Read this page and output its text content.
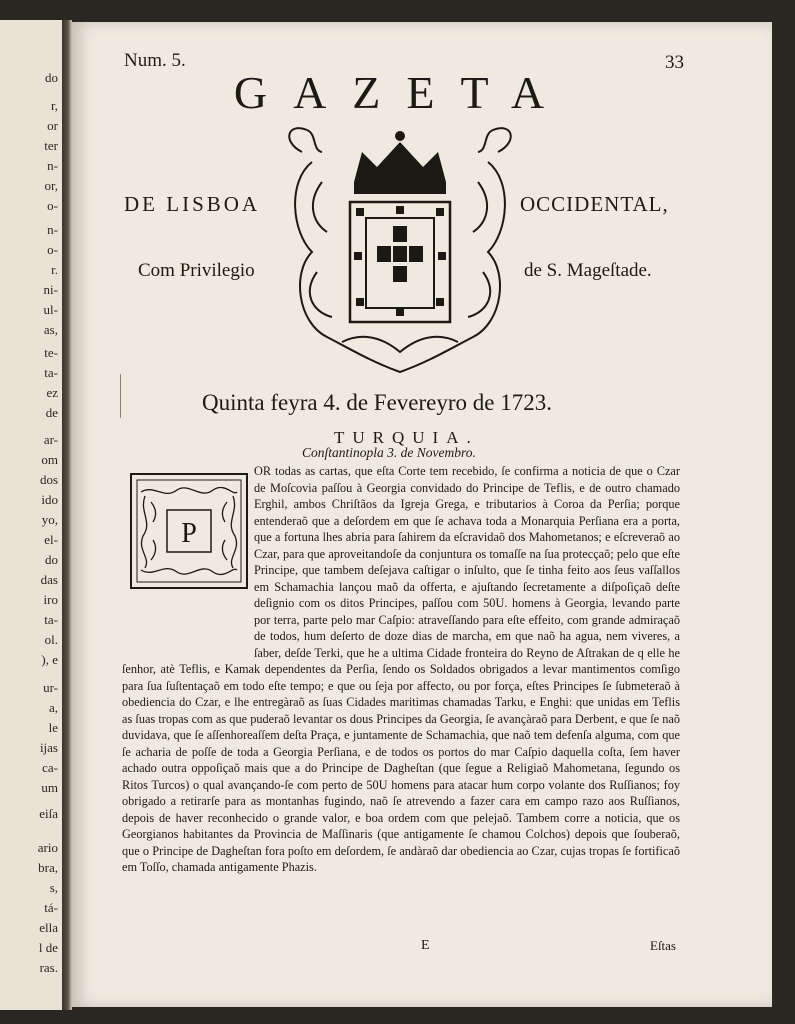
do
r,
or
ter
n-
or,
o-
n-
o-
r.
ni-
ul-
as,
te-
ta-
ez
de
ar-
om
dos
ido
yo,
el-
do
das
iro
ta-
ol.
), e
ur-
a,
le
ijas
ca-
um
eiſa
ario
bra,
s,
tá-
ella
l de
ras.
Num. 5.	33
GAZETA
DE LISBOA	OCCIDENTAL,
Com Privilegio	de S. Mageſtade.
Quinta feyra 4. de Fevereyro de 1723.
TURQUIA.
Conſtantinopla 3. de Novembro.
OR todas as cartas, que eſta Corte tem recebido, ſe confirma a noticia de que o Czar de Moſcovia paſſou à Georgia convidado do Principe de Teflis, e de outro chamado Erghil, ambos Chriſtãos da Igreja Grega, e tributarios à Coroa da Perſia; porque entenderaõ que a deſordem em que ſe achava toda a Monarquia Perſiana era a porta, que a fortuna lhes abria para ſahirem da eſcravidaõ dos Mahometanos; e eſcreveraõ ao Czar, para que aproveitandoſe da conjuntura os tomaſſe na ſua protecçaõ; pelo que eſte Principe, que tambem deſejava caſtigar o inſulto, que ſe tinha feito aos ſeus vaſſallos em Schamachia lançou maõ da offerta, e ajuſtando ſecretamente a diſpoſiçaõ deſte deſignio com os ditos Principes, paſſou com 50U. homens à Georgia, levando parte por terra, parte pelo mar Caſpio: atraveſſando para eſte effeito, com grande admiraçaõ de todos, hum deſerto de doze dias de marcha, em que naõ ha agua, nem viveres, a ſaber, deſde Terki, que he a ultima Cidade fronteira do Reyno de Aſtrakan de q elle he ſenhor, atè Teflis, e Kamak dependentes da Perſia, ſendo os Soldados obrigados a levar mantimentos comſigo para ſua ſuſtentaçaõ em todo eſte tempo; e que ou ſeja por affecto, ou por força, eſtes Principes ſe ſubmeteraõ à obediencia do Czar, e lhe entregàraõ as ſuas Cidades maritimas chamadas Tarku, e Enghi: que unidas em Teflis as ſuas tropas com as que puderaõ levantar os dous Principes da Georgia, ſe avançàraõ para Derbent, e que ſe naõ duvidava, que ſe aſſenhoreaſſem deſta Praça, e juntamente de Schamachia, que naõ tem defenſa alguma, com que ſe acharia de poſſe de toda a Georgia Perſiana, e de todos os portos do mar Caſpio daquella coſta, ſem haver achado outra oppoſiçaõ mais que a do Principe de Dagheſtan (que ſegue a Religiaõ Mahometana, ſegundo os Ritos Turcos) o qual avançando-ſe com perto de 50U homens para atacar hum corpo volante dos Ruſſianos; foy obrigado a retirarſe para as montanhas fugindo, naõ ſe atrevendo a fazer cara em campo razo aos Ruſſianos, depois de haver reconhecido o grande valor, e boa ordem com que pelejaõ. Tambem corre a noticia, que os Georgianos habitantes da Provincia de Maſſinaris (que antigamente ſe chamou Colchos) depois que ſouberaõ, que o Principe de Dagheſtan fora poſto em deſordem, ſe andàraõ dar obediencia ao Czar, cujas tropas ſe fortificaõ em Toſſo, chamada antigamente Phazis.
P
E	Eſtas
